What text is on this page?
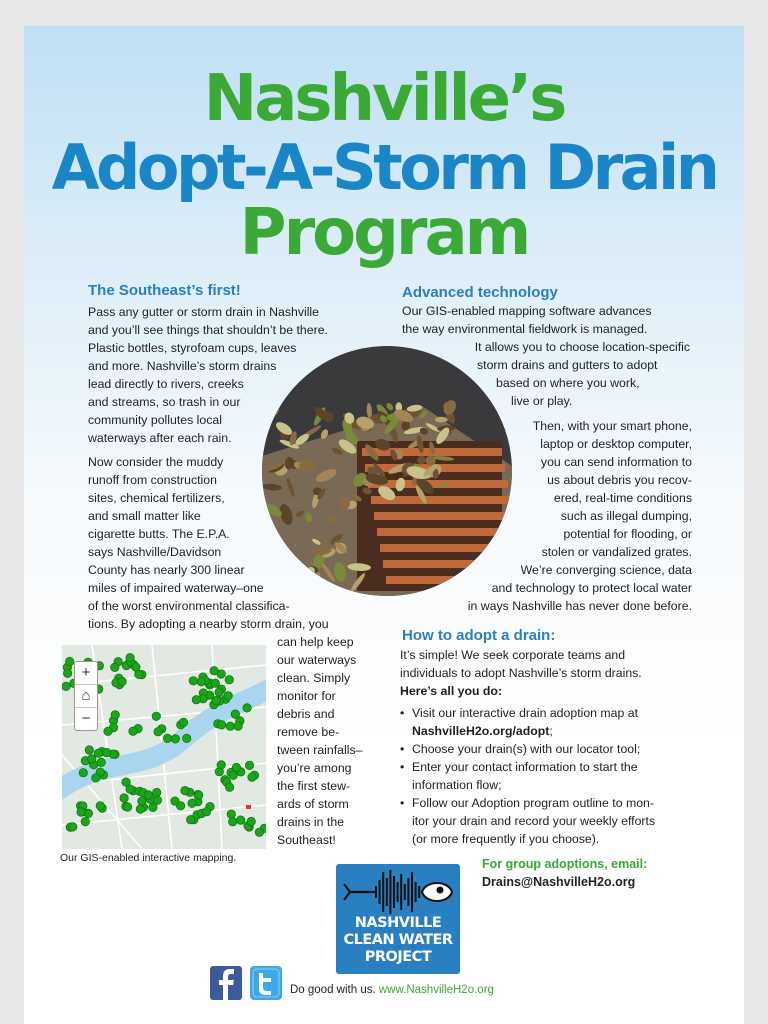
Nashville’s
Adopt-A-Storm Drain
Program
The Southeast’s first!
Pass any gutter or storm drain in Nashville
and you’ll see things that shouldn’t be there.
Plastic bottles, styrofoam cups, leaves
and more. Nashville’s storm drains
lead directly to rivers, creeks
and streams, so trash in our
community pollutes local
waterways after each rain.
Now consider the muddy
runoff from construction
sites, chemical fertilizers,
and small matter like
cigarette butts. The E.P.A.
says Nashville/Davidson
County has nearly 300 linear
miles of impaired waterway–one
of the worst environmental classifica-
tions. By adopting a nearby storm drain, you
can help keep
our waterways
clean. Simply
monitor for
debris and
remove be-
tween rainfalls–
you’re among
the first stew-
ards of storm
drains in the
Southeast!
+
⌂
−
Our GIS-enabled interactive mapping.
Advanced technology
Our GIS-enabled mapping software advances
the way environmental fieldwork is managed.
It allows you to choose location-specific
storm drains and gutters to adopt
based on where you work,
live or play.
Then, with your smart phone,
laptop or desktop computer,
you can send information to
us about debris you recov-
ered, real-time conditions
such as illegal dumping,
potential for flooding, or
stolen or vandalized grates.
We’re converging science, data
and technology to protect local water
in ways Nashville has never done before.
How to adopt a drain:
It’s simple! We seek corporate teams and
individuals to adopt Nashville’s storm drains.
Here’s all you do:
• Visit our interactive drain adoption map at
NashvilleH2o.org/adopt;
• Choose your drain(s) with our locator tool;
• Enter your contact information to start the
information flow;
• Follow our Adoption program outline to mon-
itor your drain and record your weekly efforts
(or more frequently if you choose).
For group adoptions, email:
Drains@NashvilleH2o.org
NASHVILLE
CLEAN WATER
PROJECT
Do good with us. www.NashvilleH2o.org
